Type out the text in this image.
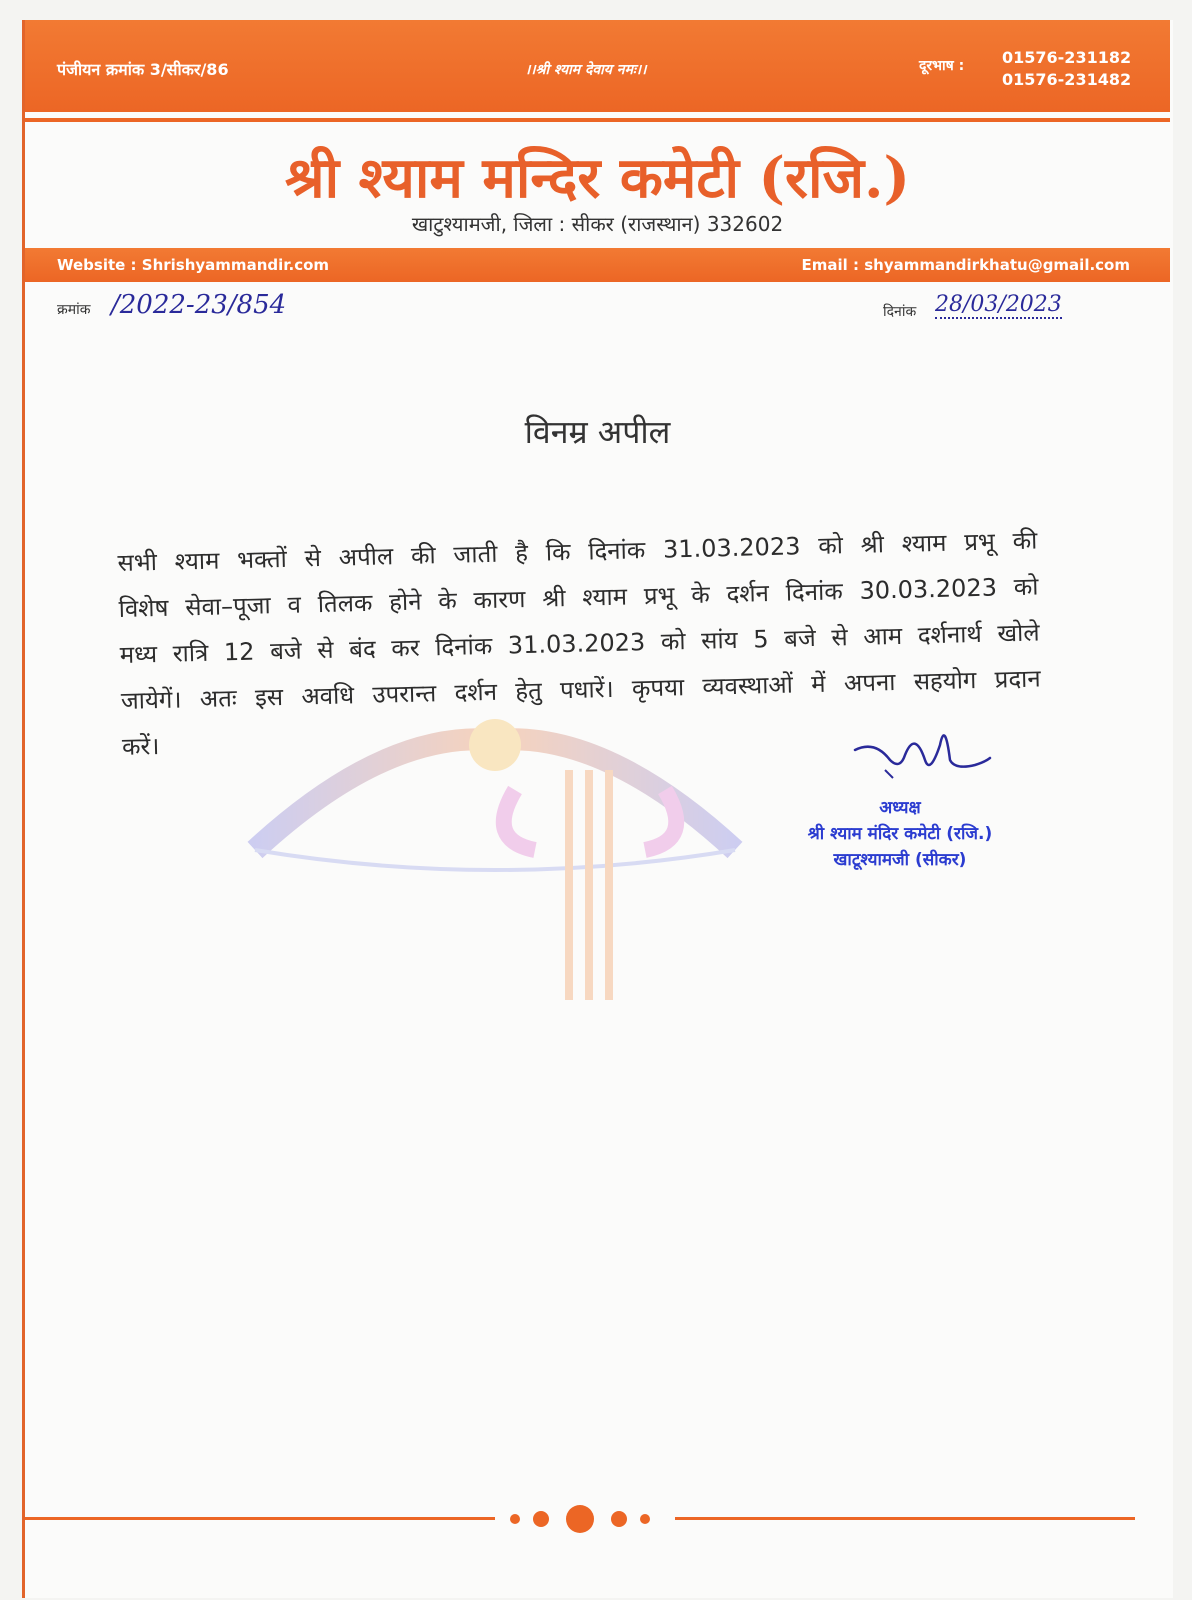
पंजीयन क्रमांक 3/सीकर/86	।।श्री श्याम देवाय नमः।।	दूरभाष : 01576-231182
01576-231482
श्री श्याम मन्दिर कमेटी (रजि.)
खाटुश्यामजी, जिला : सीकर (राजस्थान) 332602
Website : Shrishyammandir.com	Email : shyammandirkhatu@gmail.com
क्रमांक /2022-23/854	दिनांक 28/03/2023
विनम्र अपील
सभी श्याम भक्तों से अपील की जाती है कि दिनांक 31.03.2023 को श्री श्याम प्रभू की विशेष सेवा–पूजा व तिलक होने के कारण श्री श्याम प्रभू के दर्शन दिनांक 30.03.2023 को मध्य रात्रि 12 बजे से बंद कर दिनांक 31.03.2023 को सांय 5 बजे से आम दर्शनार्थ खोले जायेगें। अतः इस अवधि उपरान्त दर्शन हेतु पधारें। कृपया व्यवस्थाओं में अपना सहयोग प्रदान करें।
अध्यक्ष
श्री श्याम मंदिर कमेटी (रजि.)
खाटूश्यामजी (सीकर)
